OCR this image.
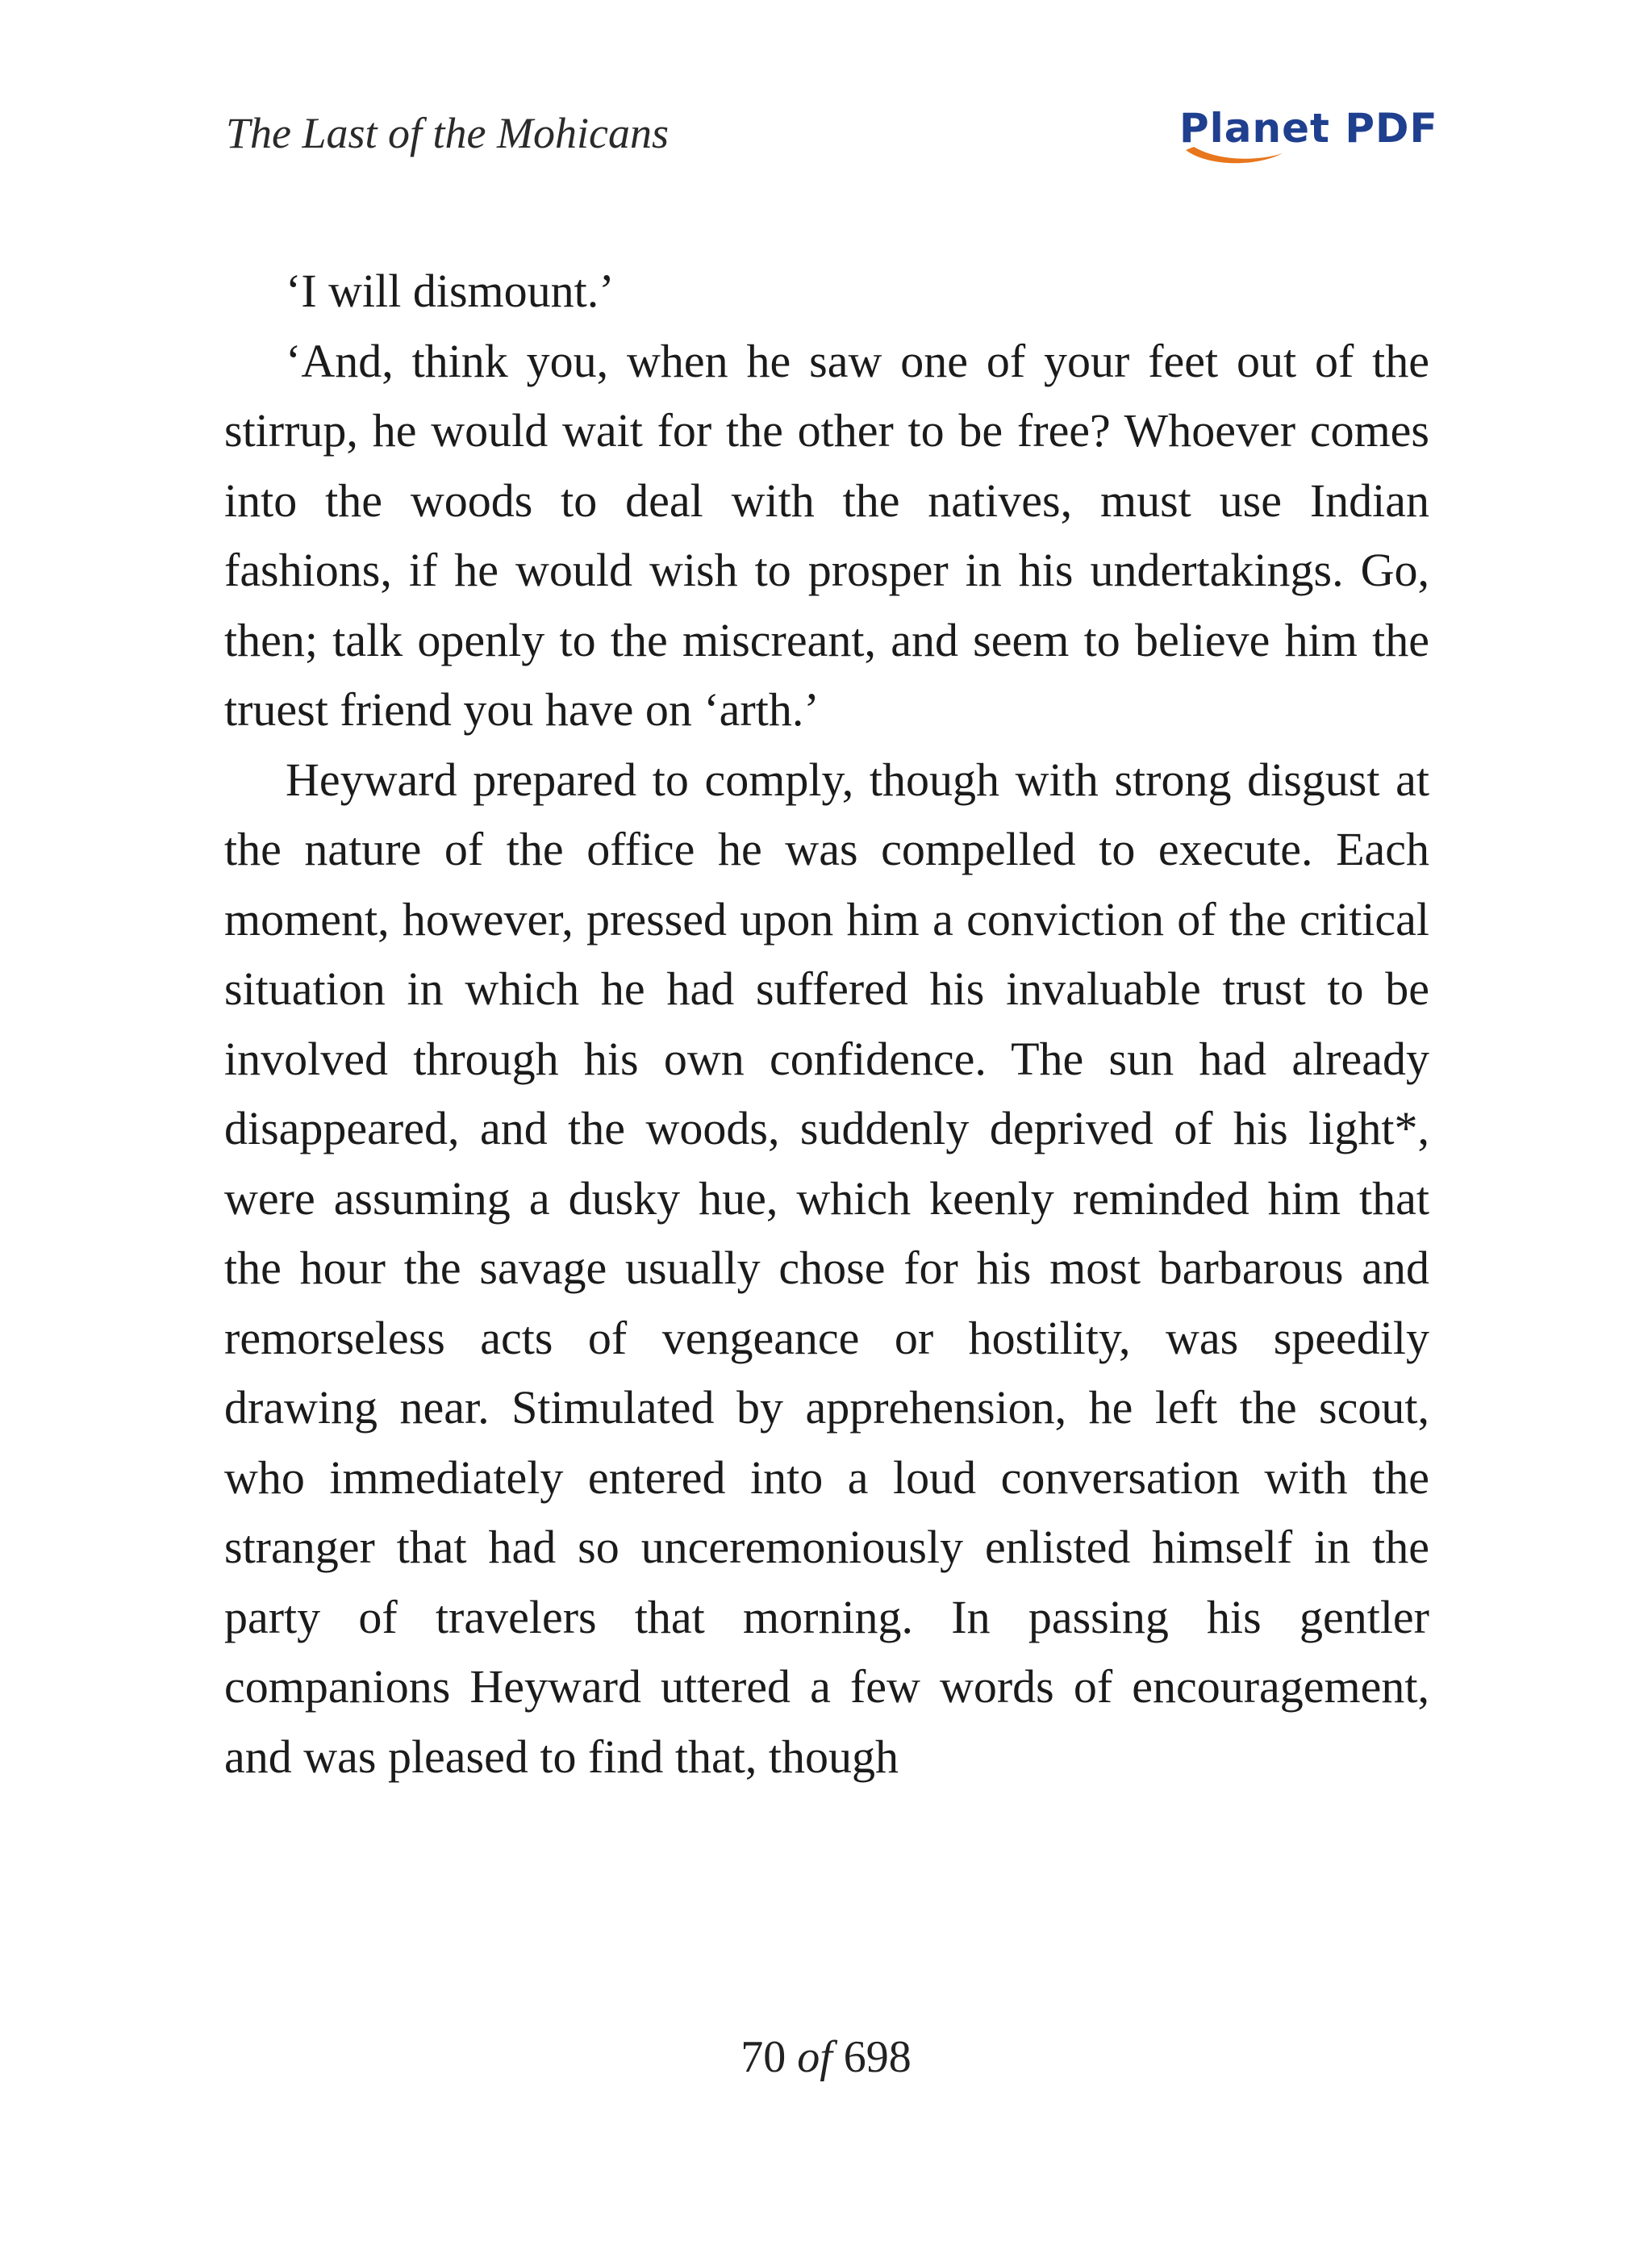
The Last of the Mohicans	Planet PDF

‘I will dismount.’

‘And, think you, when he saw one of your feet out of the stirrup, he would wait for the other to be free? Whoever comes into the woods to deal with the natives, must use Indian fashions, if he would wish to prosper in his undertakings. Go, then; talk openly to the miscreant, and seem to believe him the truest friend you have on ‘arth.’

Heyward prepared to comply, though with strong disgust at the nature of the office he was compelled to execute. Each moment, however, pressed upon him a conviction of the critical situation in which he had suffered his invaluable trust to be involved through his own confidence. The sun had already disappeared, and the woods, suddenly deprived of his light*, were assuming a dusky hue, which keenly reminded him that the hour the savage usually chose for his most barbarous and remorseless acts of vengeance or hostility, was speedily drawing near. Stimulated by apprehension, he left the scout, who immediately entered into a loud conversation with the stranger that had so unceremoniously enlisted himself in the party of travelers that morning. In passing his gentler companions Heyward uttered a few words of encouragement, and was pleased to find that, though

70 of 698
